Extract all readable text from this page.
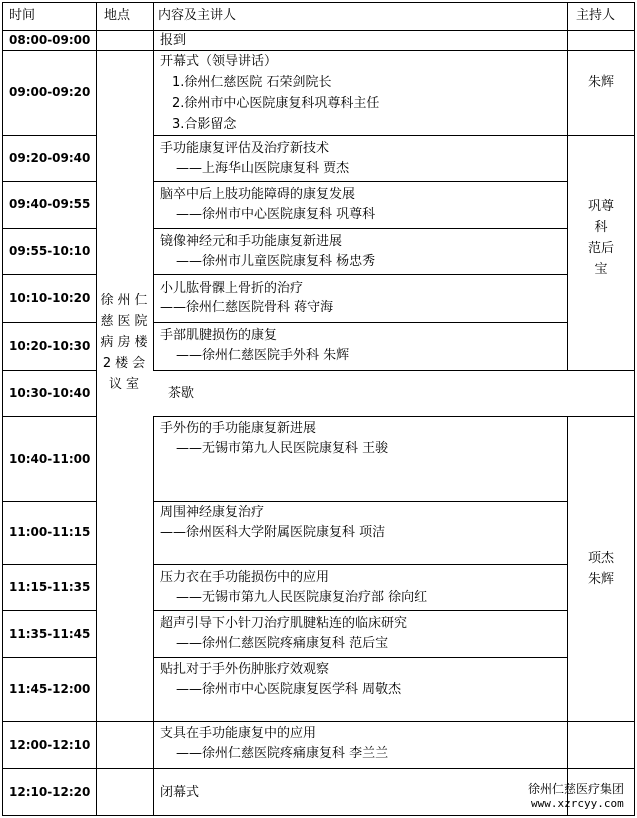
时间	地点 内容及主讲人	主持人
08:00-09:00
09:00-09:20
09:20-09:40
09:40-09:55
09:55-10:10
10:10-10:20
10:20-10:30
10:30-10:40
10:40-11:00
11:00-11:15
11:15-11:35
11:35-11:45
11:45-12:00
12:00-12:10
12:10-12:20
徐州仁慈医院病房楼2楼会议室
报到
开幕式（领导讲话）
1.徐州仁慈医院 石荣剑院长
2.徐州市中心医院康复科巩尊科主任
3.合影留念
手功能康复评估及治疗新技术
——上海华山医院康复科 贾杰
脑卒中后上肢功能障碍的康复发展
——徐州市中心医院康复科 巩尊科
镜像神经元和手功能康复新进展
——徐州市儿童医院康复科 杨忠秀
小儿肱骨髁上骨折的治疗
——徐州仁慈医院骨科 蒋守海
手部肌腱损伤的康复
——徐州仁慈医院手外科 朱辉
茶歇
手外伤的手功能康复新进展
——无锡市第九人民医院康复科 王骏
周围神经康复治疗
——徐州医科大学附属医院康复科 项洁
压力衣在手功能损伤中的应用
——无锡市第九人民医院康复治疗部 徐向红
超声引导下小针刀治疗肌腱粘连的临床研究
——徐州仁慈医院疼痛康复科 范后宝
贴扎对于手外伤肿胀疗效观察
——徐州市中心医院康复医学科 周敬杰
支具在手功能康复中的应用
——徐州仁慈医院疼痛康复科 李兰兰
闭幕式
朱辉
巩尊科 范后宝
项杰 朱辉
徐州仁慈医疗集团
www.xzrcyy.com
